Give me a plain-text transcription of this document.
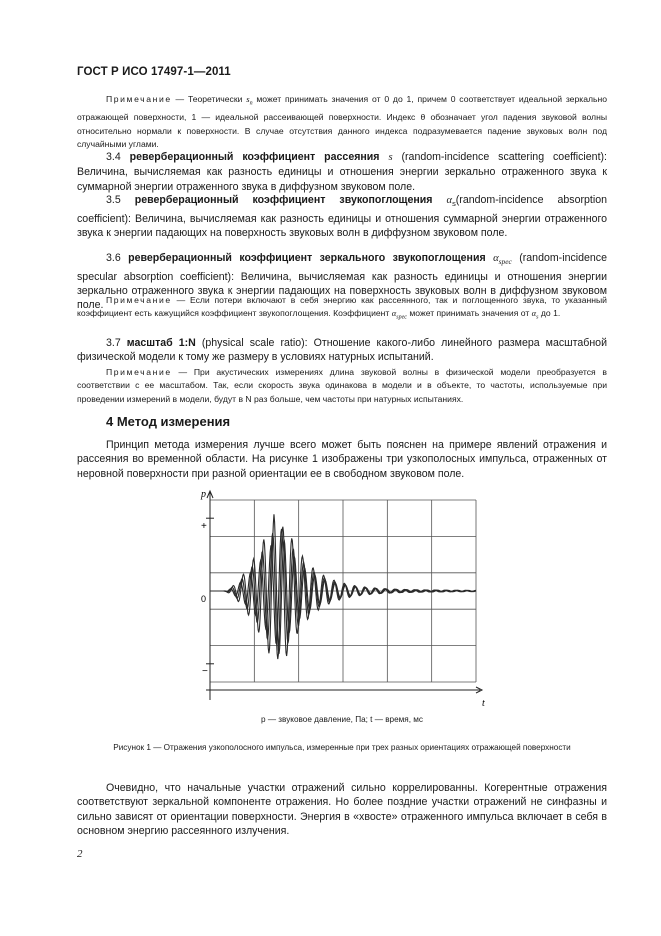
ГОСТ Р ИСО 17497-1—2011
Примечание — Теоретически $s_n$ может принимать значения от 0 до 1, причем 0 соответствует идеальной зеркально отражающей поверхности, 1 — идеальной рассеивающей поверхности. Индекс θ обозначает угол падения звуковой волны относительно нормали к поверхности. В случае отсутствия данного индекса подразумевается падение звуковых волн под случайными углами.
3.4 реверберационный коэффициент рассеяния s (random-incidence scattering coefficient): Величина, вычисляемая как разность единицы и отношения энергии зеркально отраженного звука к суммарной энергии отраженного звука в диффузном звуковом поле.
3.5 реверберационный коэффициент звукопоглощения $\alpha_s(random$-incidence absorption coefficient): Величина, вычисляемая как разность единицы и отношения суммарной энергии отраженного звука к энергии падающих на поверхность звуковых волн в диффузном звуковом поле.
3.6 реверберационный коэффициент зеркального звукопоглощения $\alpha_{spec}$ (random-incidence specular absorption coefficient): Величина, вычисляемая как разность единицы и отношения энергии зеркально отраженного звука к энергии падающих на поверхность звуковых волн в диффузном звуковом поле. Примечание — Если потери включают в себя энергию как рассеянного, так и поглощенного звука, то указанный коэффициент есть кажущийся коэффициент звукопоглощения. Коэффициент $\alpha_{spec}$ может принимать значения от $\alpha_s$ до 1.
3.7 масштаб 1:N (physical scale ratio): Отношение какого-либо линейного размера масштабной физической модели к тому же размеру в условиях натурных испытаний.
Примечание — При акустических измерениях длина звуковой волны в физической модели преобразуется в соответствии с ее масштабом. Так, если скорость звука одинакова в модели и в объекте, то частоты, используемые при проведении измерений в модели, будут в N раз больше, чем частоты при натурных испытаниях.
4 Метод измерения
Принцип метода измерения лучше всего может быть пояснен на примере явлений отражения и рассеяния во временной области. На рисунке 1 изображены три узкополосных импульса, отраженных от неровной поверхности при разной ориентации ее в свободном звуковом поле.
p
t
+
0
−
p — звуковое давление, Па; t — время, мс
Рисунок 1 — Отражения узкополосного импульса, измеренные при трех разных ориентациях отражающей поверхности
Очевидно, что начальные участки отражений сильно коррелированны. Когерентные отражения соответствуют зеркальной компоненте отражения. Но более поздние участки отражений не синфазны и сильно зависят от ориентации поверхности. Энергия в «хвосте» отраженного импульса включает в себя в основном энергию рассеянного излучения.
2
